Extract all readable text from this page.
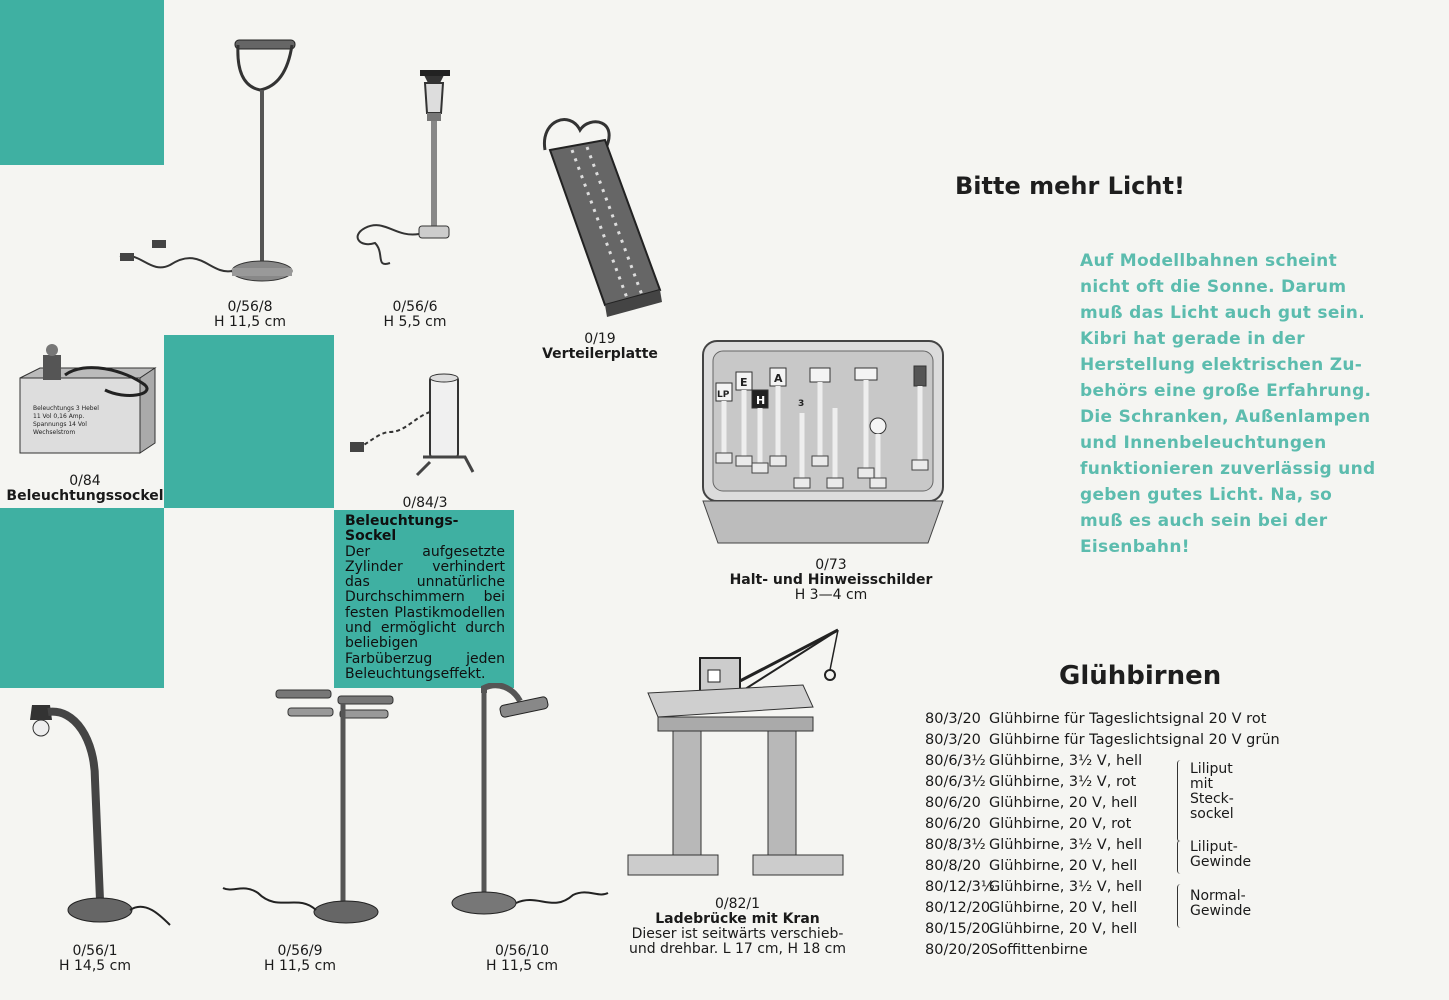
0/56/8
H 11,5 cm
0/56/6
H 5,5 cm
0/19
Verteilerplatte
Beleuchtungs 3 Hebel
11 Vol 0,16 Amp.
Spannungs 14 Vol
Wechselstrom
0/84
Beleuchtungssockel	0/84/3
Beleuchtungs-Sockel
Der aufgesetzte Zylinder verhindert das unnatürliche Durchschimmern bei festen Plastikmodellen und ermöglicht durch beliebigen Farbüberzug jeden Beleuchtungseffekt.
LP
E
H
A
3
0/73
Halt- und Hinweisschilder
H 3—4 cm
0/82/1
Ladebrücke mit Kran
Dieser ist seitwärts verschieb-
und drehbar. L 17 cm, H 18 cm
0/56/1
H 14,5 cm
0/56/9
H 11,5 cm
0/56/10
H 11,5 cm
Bitte mehr Licht!
Auf Modellbahnen scheint
nicht oft die Sonne. Darum
muß das Licht auch gut sein.
Kibri hat gerade in der
Herstellung elektrischen Zu-
behörs eine große Erfahrung.
Die Schranken, Außenlampen
und Innenbeleuchtungen
funktionieren zuverlässig und
geben gutes Licht. Na, so
muß es auch sein bei der
Eisenbahn!
Glühbirnen
80/3/20 Glühbirne für Tageslichtsignal 20 V rot
80/3/20 Glühbirne für Tageslichtsignal 20 V grün
80/6/3½ Glühbirne, 3½ V, hell
80/6/3½ Glühbirne, 3½ V, rot
80/6/20 Glühbirne, 20 V, hell
80/6/20 Glühbirne, 20 V, rot
80/8/3½ Glühbirne, 3½ V, hell
80/8/20 Glühbirne, 20 V, hell
80/12/3½
Glühbirne, 3½ V, hell
80/12/20
Glühbirne, 20 V, hell
80/15/20
Glühbirne, 20 V, hell
80/20/20
Soffittenbirne
Liliput
mit
Steck-
sockel
Liliput-
Gewinde
Normal-
Gewinde
